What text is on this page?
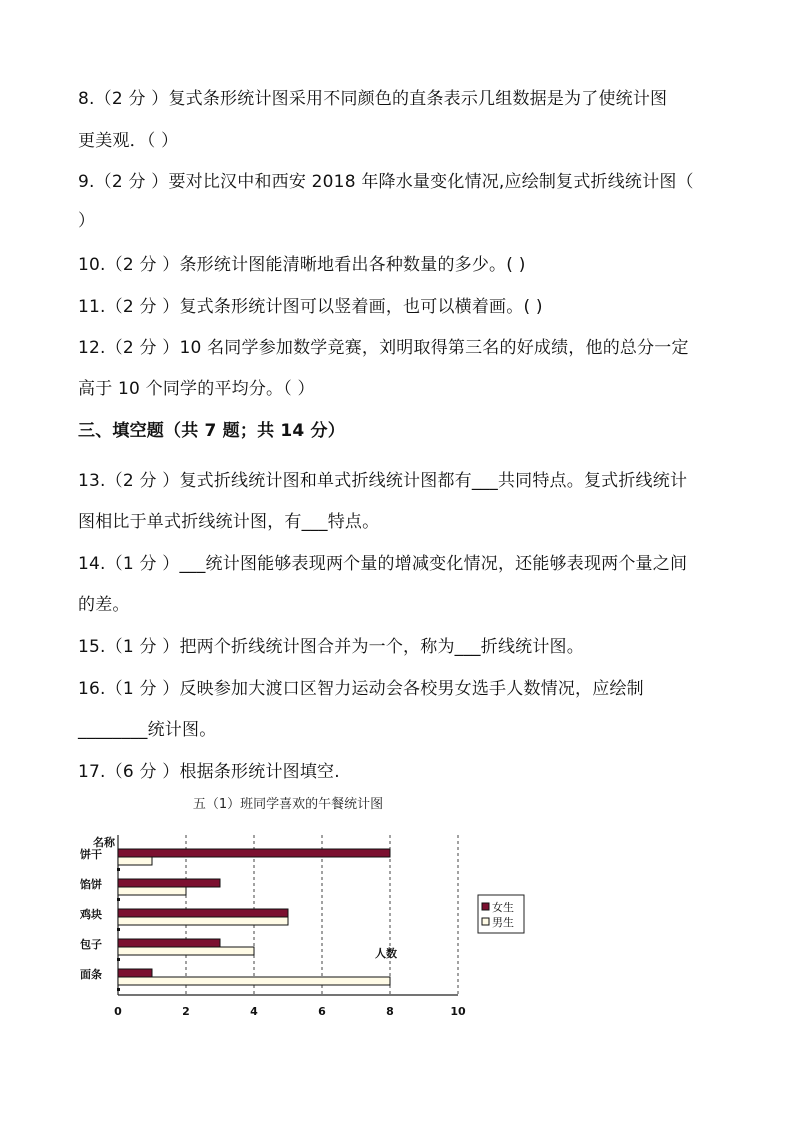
8.（2 分 ）复式条形统计图采用不同颜色的直条表示几组数据是为了使统计图
更美观．（ ）
9.（2 分 ）要对比汉中和西安 2018 年降水量变化情况,应绘制复式折线统计图（
）
10.（2 分 ）条形统计图能清晰地看出各种数量的多少。( )
11.（2 分 ）复式条形统计图可以竖着画，也可以横着画。( )
12.（2 分 ）10 名同学参加数学竞赛，刘明取得第三名的好成绩，他的总分一定
高于 10 个同学的平均分。（ ）
三、填空题（共 7 题；共 14 分）
13.（2 分 ）复式折线统计图和单式折线统计图都有___共同特点。复式折线统计
图相比于单式折线统计图，有___特点。
14.（1 分 ）___统计图能够表现两个量的增减变化情况，还能够表现两个量之间
的差。
15.（1 分 ）把两个折线统计图合并为一个，称为___折线统计图。
16.（1 分 ）反映参加大渡口区智力运动会各校男女选手人数情况，应绘制
________统计图。
17.（6 分 ）根据条形统计图填空.
五（1）班同学喜欢的午餐统计图
名称
0	2	4	6	8	10
饼干
馅饼
鸡块
包子
面条
人数
女生
男生
